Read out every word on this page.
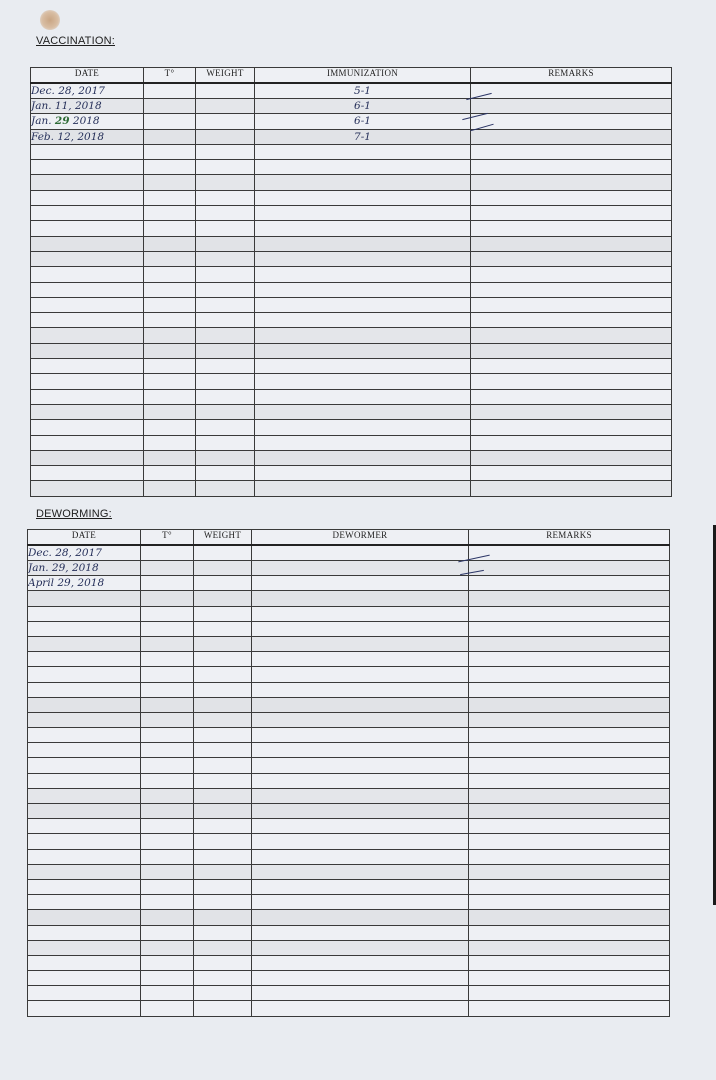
VACCINATION:
DATE	T°	WEIGHT	IMMUNIZATION	REMARKS
Dec. 28, 2017			5-1	
Jan. 11, 2018			6-1	
Jan. 29 2018			6-1	
Feb. 12, 2018			7-1	

DEWORMING:
DATE	T°	WEIGHT	DEWORMER	REMARKS
Dec. 28, 2017				
Jan. 29, 2018				
April 29, 2018				
